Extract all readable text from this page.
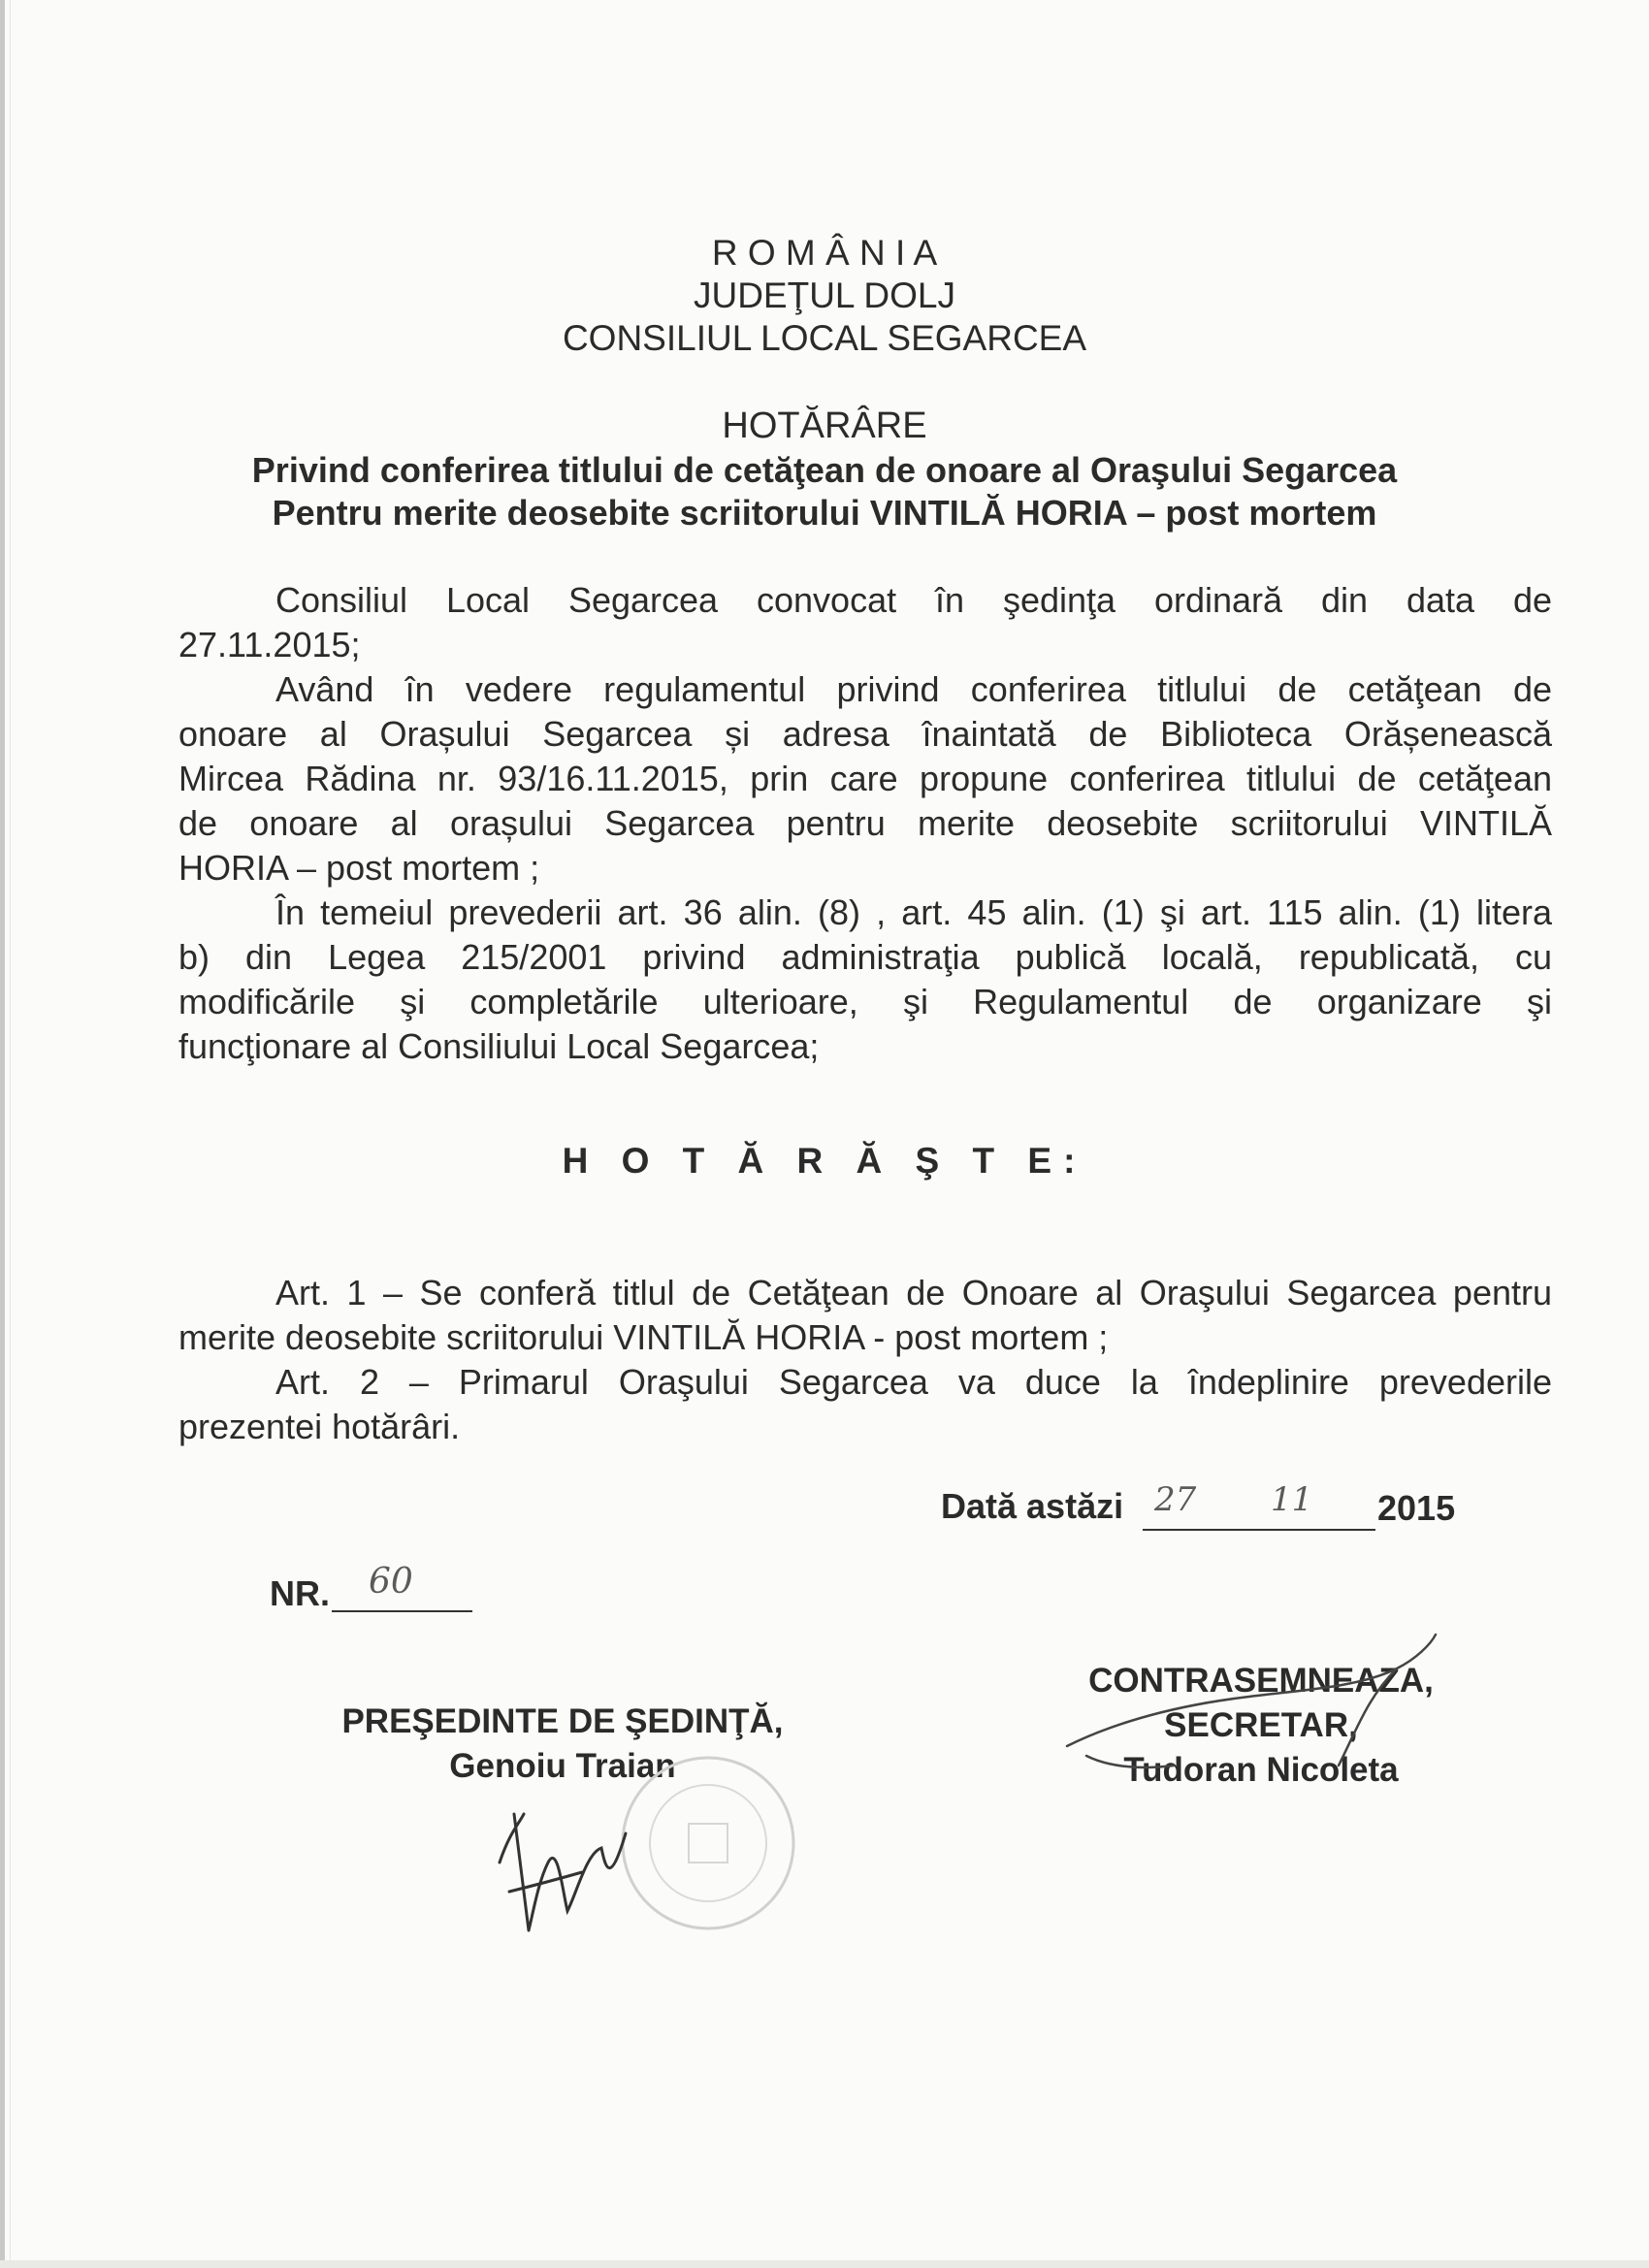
R O M Â N I A
JUDEŢUL DOLJ
CONSILIUL LOCAL SEGARCEA
HOTĂRÂRE
Privind conferirea titlului de cetăţean de onoare al Oraşului Segarcea
Pentru merite deosebite scriitorului VINTILĂ HORIA – post mortem
Consiliul Local Segarcea convocat în şedinţa ordinară din data de
27.11.2015;
Având în vedere regulamentul privind conferirea titlului de cetăţean de
onoare al Orașului Segarcea și adresa înaintată de Biblioteca Orășenească
Mircea Rădina nr. 93/16.11.2015, prin care propune conferirea titlului de cetăţean
de onoare al orașului Segarcea pentru merite deosebite scriitorului VINTILĂ
HORIA – post mortem ;
În temeiul prevederii art. 36 alin. (8) , art. 45 alin. (1) şi art. 115 alin. (1) litera
b) din Legea 215/2001 privind administraţia publică locală, republicată, cu
modificările şi completările ulterioare, şi Regulamentul de organizare şi
funcţionare al Consiliului Local Segarcea;
H O T Ă R Ă Ş T E:
Art. 1 – Se conferă titlul de Cetăţean de Onoare al Oraşului Segarcea pentru
merite deosebite scriitorului VINTILĂ HORIA - post mortem ;
Art. 2 – Primarul Oraşului Segarcea va duce la îndeplinire prevederile
prezentei hotărâri.
Dată astăzi 27 11 2015
NR. 60
PREŞEDINTE DE ŞEDINŢĂ,
Genoiu Traian
CONTRASEMNEAZA,
SECRETAR,
Tudoran Nicoleta
